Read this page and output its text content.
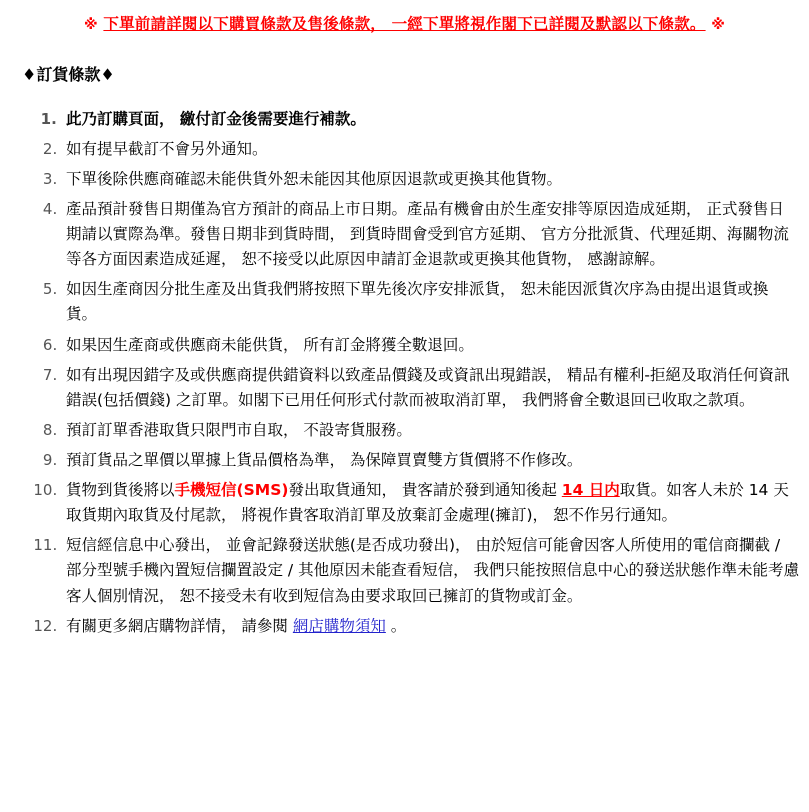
※ 下單前請詳閱以下購買條款及售後條款， 一經下單將視作閣下已詳閱及默認以下條款。 ※
♦訂貨條款♦
1. 此乃訂購頁面， 繳付訂金後需要進行補款。
2. 如有提早截訂不會另外通知。
3. 下單後除供應商確認未能供貨外恕未能因其他原因退款或更換其他貨物。
4. 產品預計發售日期僅為官方預計的商品上市日期。產品有機會由於生產安排等原因造成延期， 正式發售日期請以實際為準。發售日期非到貨時間， 到貨時間會受到官方延期、 官方分批派貨、代理延期、海關物流等各方面因素造成延遲， 恕不接受以此原因申請訂金退款或更換其他貨物， 感謝諒解。
5. 如因生產商因分批生產及出貨我們將按照下單先後次序安排派貨， 恕未能因派貨次序為由提出退貨或換貨。
6. 如果因生產商或供應商未能供貨， 所有訂金將獲全數退回。
7. 如有出現因錯字及或供應商提供錯資料以致產品價錢及或資訊出現錯誤， 精品有權利-拒絕及取消任何資訊錯誤(包括價錢) 之訂單。如閣下已用任何形式付款而被取消訂單， 我們將會全數退回已收取之款項。
8. 預訂訂單香港取貨只限門市自取， 不設寄貨服務。
9. 預訂貨品之單價以單據上貨品價格為準， 為保障買賣雙方貨價將不作修改。
10. 貨物到貨後將以手機短信(SMS)發出取貨通知， 貴客請於發到通知後起 14 日内取貨。如客人未於 14 天取貨期內取貨及付尾款， 將視作貴客取消訂單及放棄訂金處理(擁訂)， 恕不作另行通知。
11. 短信經信息中心發出， 並會記錄發送狀態(是否成功發出)， 由於短信可能會因客人所使用的電信商攔截 / 部分型號手機內置短信攔置設定 / 其他原因未能查看短信， 我們只能按照信息中心的發送狀態作準未能考慮客人個別情況， 恕不接受未有收到短信為由要求取回已擁訂的貨物或訂金。
12. 有關更多網店購物詳情， 請參閱 網店購物須知 。
